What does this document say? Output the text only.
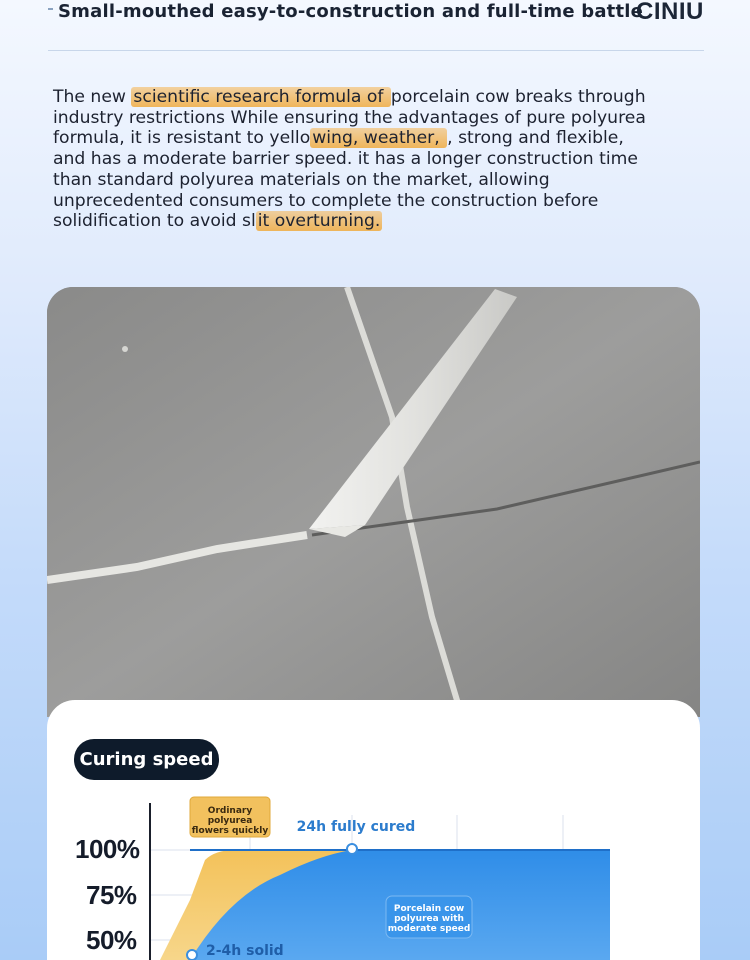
Small-mouthed easy-to-construction and full-time battle
CINIU
The new scientific research formula of porcelain cow breaks through industry restrictions While ensuring the advantages of pure polyurea formula, it is resistant to yello wing, weather, , strong and flexible, and has a moderate barrier speed. it has a longer construction time than standard polyurea materials on the market, allowing unprecedented consumers to complete the construction before solidification to avoid sl it overturning.
Curing speed
100%
75%
50%
Ordinary
polyurea
flowers quickly 24h fully cured
Porcelain cow
polyurea with
moderate speed
2-4h solid
